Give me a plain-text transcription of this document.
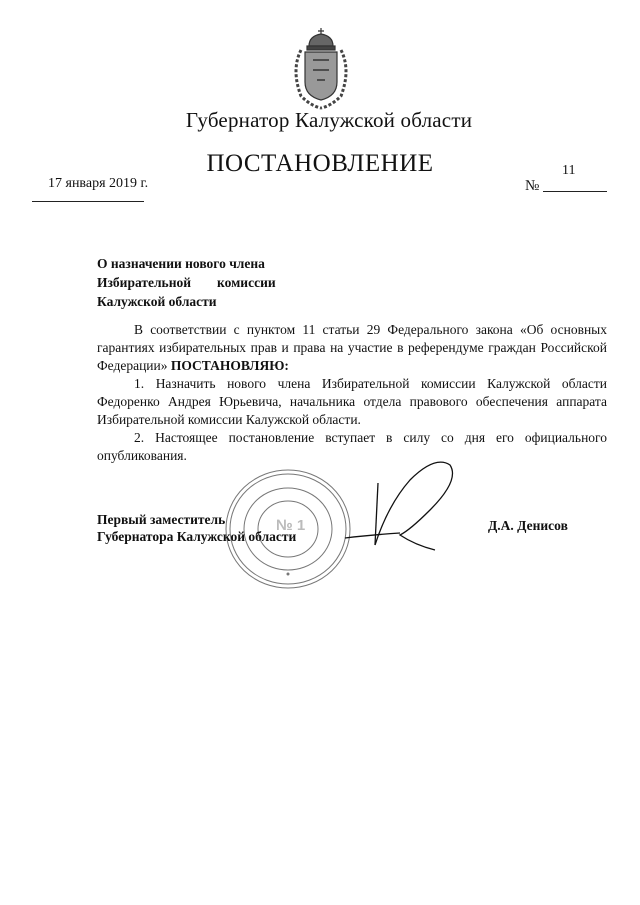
Губернатор Калужской области
ПОСТАНОВЛЕНИЕ
17 января 2019 г.	№
11
О назначении нового члена
Избирательной комиссии
Калужской области

В соответствии с пунктом 11 статьи 29 Федерального закона «Об основных гарантиях избирательных прав и права на участие в референдуме граждан Российской Федерации» ПОСТАНОВЛЯЮ:

1. Назначить нового члена Избирательной комиссии Калужской области Федоренко Андрея Юрьевича, начальника отдела правового обеспечения аппарата Избирательной комиссии Калужской области.

2. Настоящее постановление вступает в силу со дня его официального опубликования.

№ 1
Первый заместитель
Губернатора Калужской области
Д.А. Денисов
